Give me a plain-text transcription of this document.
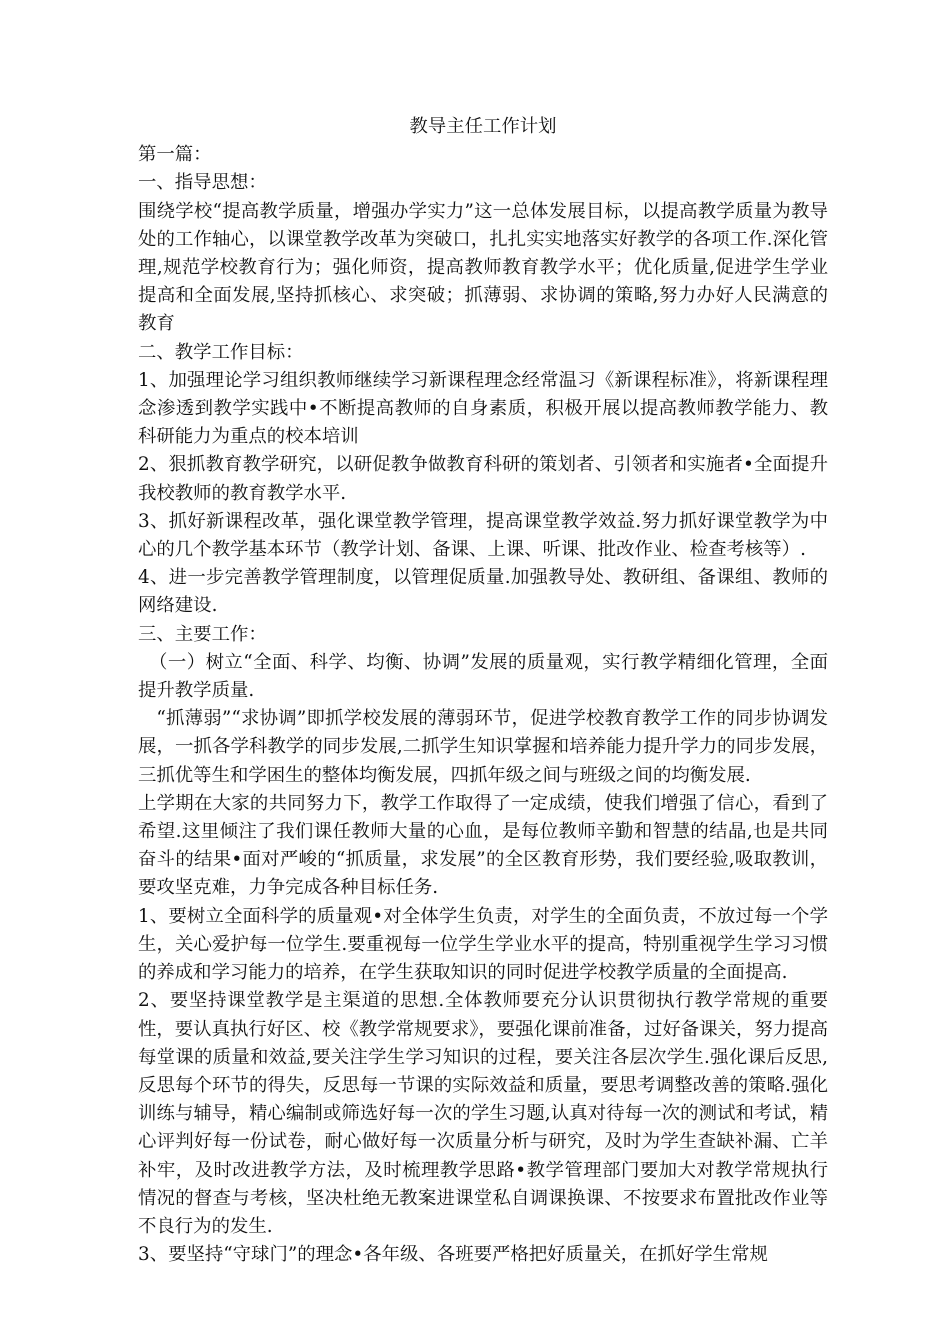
教导主任工作计划

第一篇：

一、指导思想：

围绕学校“提高教学质量，增强办学实力”这一总体发展目标，以提高教学质量为教导处的工作轴心，以课堂教学改革为突破口，扎扎实实地落实好教学的各项工作.深化管理,规范学校教育行为；强化师资，提高教师教育教学水平；优化质量,促进学生学业提高和全面发展,坚持抓核心、求突破；抓薄弱、求协调的策略,努力办好人民满意的教育

二、教学工作目标：

1、加强理论学习组织教师继续学习新课程理念经常温习《新课程标准》，将新课程理念渗透到教学实践中•不断提高教师的自身素质，积极开展以提高教师教学能力、教科研能力为重点的校本培训

2、狠抓教育教学研究，以研促教争做教育科研的策划者、引领者和实施者•全面提升我校教师的教育教学水平.

3、抓好新课程改革，强化课堂教学管理，提高课堂教学效益.努力抓好课堂教学为中心的几个教学基本环节（教学计划、备课、上课、听课、批改作业、检查考核等）.

4、进一步完善教学管理制度，以管理促质量.加强教导处、教研组、备课组、教师的网络建设.

三、主要工作：

（一）树立“全面、科学、均衡、协调”发展的质量观，实行教学精细化管理，全面提升教学质量.

“抓薄弱”“求协调”即抓学校发展的薄弱环节，促进学校教育教学工作的同步协调发展，一抓各学科教学的同步发展,二抓学生知识掌握和培养能力提升学力的同步发展，三抓优等生和学困生的整体均衡发展，四抓年级之间与班级之间的均衡发展.

上学期在大家的共同努力下，教学工作取得了一定成绩，使我们增强了信心，看到了希望.这里倾注了我们课任教师大量的心血，是每位教师辛勤和智慧的结晶,也是共同奋斗的结果•面对严峻的“抓质量，求发展”的全区教育形势，我们要经验,吸取教训，要攻坚克难，力争完成各种目标任务.

1、要树立全面科学的质量观•对全体学生负责，对学生的全面负责，不放过每一个学生，关心爱护每一位学生.要重视每一位学生学业水平的提高，特别重视学生学习习惯的养成和学习能力的培养，在学生获取知识的同时促进学校教学质量的全面提高.

2、要坚持课堂教学是主渠道的思想.全体教师要充分认识贯彻执行教学常规的重要性，要认真执行好区、校《教学常规要求》，要强化课前准备，过好备课关，努力提高每堂课的质量和效益,要关注学生学习知识的过程，要关注各层次学生.强化课后反思,反思每个环节的得失，反思每一节课的实际效益和质量，要思考调整改善的策略.强化训练与辅导，精心编制或筛选好每一次的学生习题,认真对待每一次的测试和考试，精心评判好每一份试卷，耐心做好每一次质量分析与研究，及时为学生查缺补漏、亡羊补牢，及时改进教学方法，及时梳理教学思路•教学管理部门要加大对教学常规执行情况的督查与考核，坚决杜绝无教案进课堂私自调课换课、不按要求布置批改作业等不良行为的发生.

3、要坚持“守球门”的理念•各年级、各班要严格把好质量关，在抓好学生常规
